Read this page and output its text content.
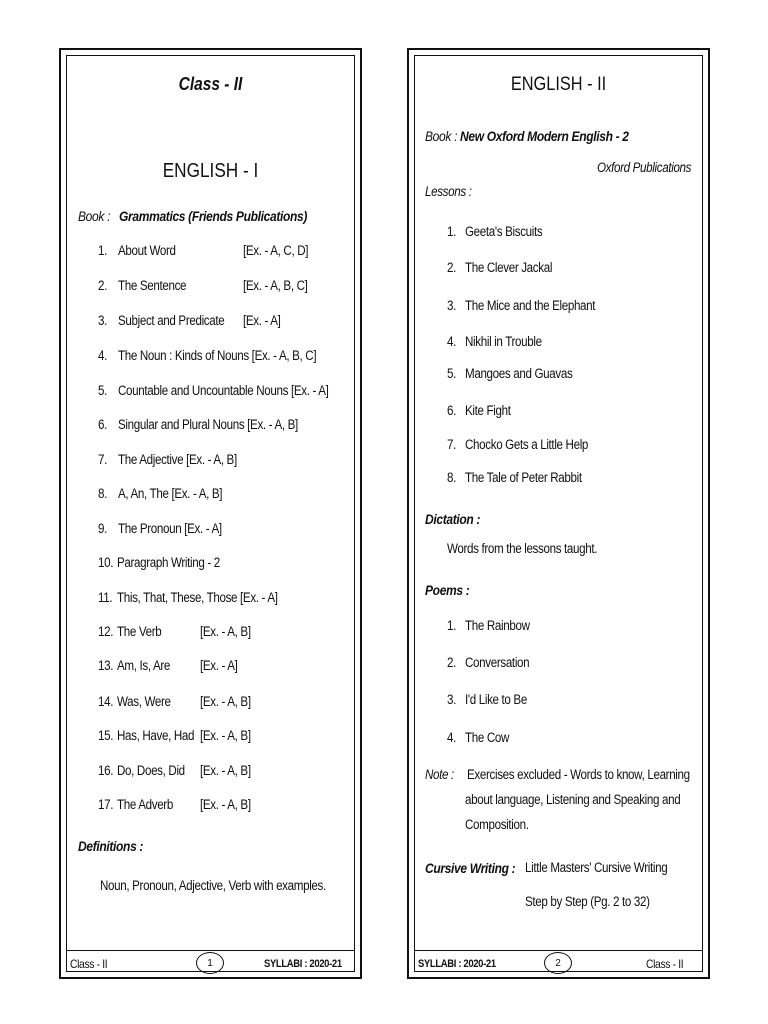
Class - II
ENGLISH - I
Book : Grammatics (Friends Publications)
1. About Word	[Ex. - A, C, D]
2. The Sentence	[Ex. - A, B, C]
3. Subject and Predicate [Ex. - A]
4. The Noun : Kinds of Nouns [Ex. - A, B, C]
5. Countable and Uncountable Nouns [Ex. - A]
6. Singular and Plural Nouns [Ex. - A, B]
7. The Adjective [Ex. - A, B]
8. A, An, The [Ex. - A, B]
9. The Pronoun [Ex. - A]
10. Paragraph Writing - 2
11. This, That, These, Those [Ex. - A]
12. The Verb	[Ex. - A, B]
13. Am, Is, Are [Ex. - A]
14. Was, Were [Ex. - A, B]
15. Has, Have, Had [Ex. - A, B]
16. Do, Does, Did [Ex. - A, B]
17. The Adverb [Ex. - A, B]
Definitions :
Noun, Pronoun, Adjective, Verb with examples.
Class - II	1	SYLLABI : 2020-21
ENGLISH - II
Book : New Oxford Modern English - 2
Oxford Publications
Lessons :
1. Geeta's Biscuits
2. The Clever Jackal
3. The Mice and the Elephant
4. Nikhil in Trouble
5. Mangoes and Guavas
6. Kite Fight
7. Chocko Gets a Little Help
8. The Tale of Peter Rabbit
Dictation :
Words from the lessons taught.
Poems :
1. The Rainbow
2. Conversation
3. I'd Like to Be
4. The Cow
Note : Exercises excluded - Words to know, Learning
about language, Listening and Speaking and
Composition.
Cursive Writing : Little Masters' Cursive Writing
Step by Step (Pg. 2 to 32)
SYLLABI : 2020-21	2	Class - II
